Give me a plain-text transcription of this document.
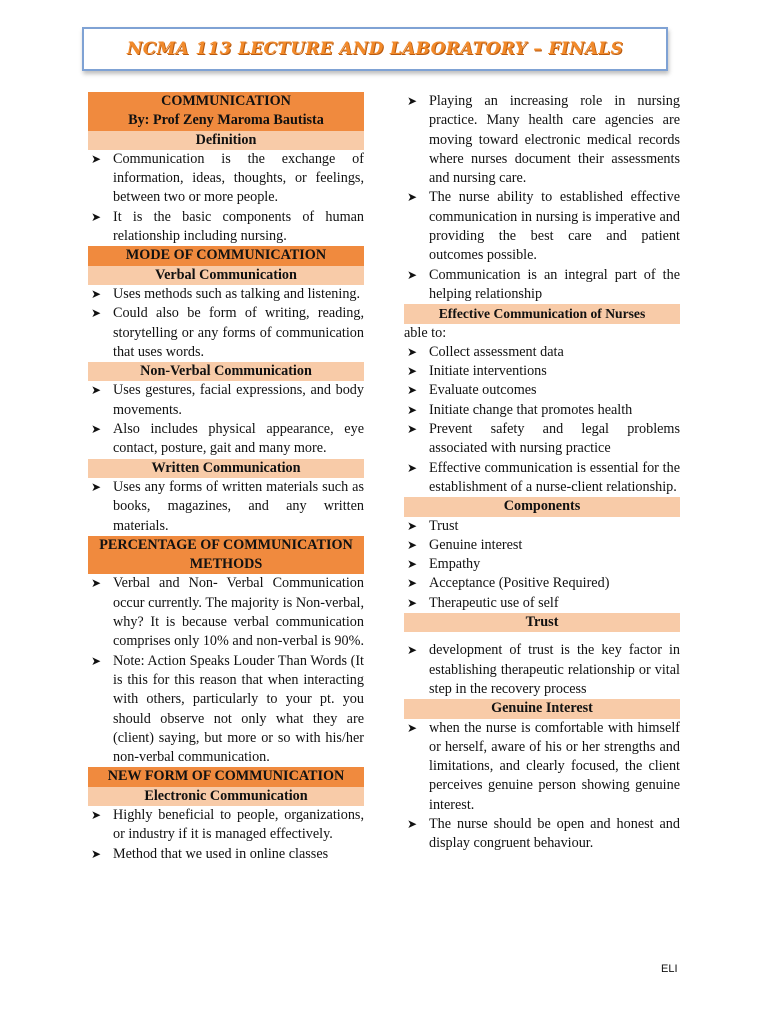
NCMA 113 LECTURE AND LABORATORY – FINALS
COMMUNICATION
By: Prof Zeny Maroma Bautista
Definition
➤ Communication is the exchange of information, ideas, thoughts, or feelings, between two or more people.
➤ It is the basic components of human relationship including nursing.
MODE OF COMMUNICATION
Verbal Communication
➤ Uses methods such as talking and listening.
➤ Could also be form of writing, reading, storytelling or any forms of communication that uses words.
Non-Verbal Communication
➤ Uses gestures, facial expressions, and body movements.
➤ Also includes physical appearance, eye contact, posture, gait and many more.
Written Communication
➤ Uses any forms of written materials such as books, magazines, and any written materials.
PERCENTAGE OF COMMUNICATION METHODS
➤ Verbal and Non- Verbal Communication occur currently. The majority is Non-verbal, why? It is because verbal communication comprises only 10% and non-verbal is 90%.
➤ Note: Action Speaks Louder Than Words (It is this for this reason that when interacting with others, particularly to your pt. you should observe not only what they are (client) saying, but more or so with his/her non-verbal communication.
NEW FORM OF COMMUNICATION
Electronic Communication
➤ Highly beneficial to people, organizations, or industry if it is managed effectively.
➤ Method that we used in online classes
➤ Playing an increasing role in nursing practice. Many health care agencies are moving toward electronic medical records where nurses document their assessments and nursing care.
➤ The nurse ability to established effective communication in nursing is imperative and providing the best care and patient outcomes possible.
➤ Communication is an integral part of the helping relationship
Effective Communication of Nurses
able to:
➤ Collect assessment data
➤ Initiate interventions
➤ Evaluate outcomes
➤ Initiate change that promotes health
➤ Prevent safety and legal problems associated with nursing practice
➤ Effective communication is essential for the establishment of a nurse-client relationship.
Components
➤ Trust
➤ Genuine interest
➤ Empathy
➤ Acceptance (Positive Required)
➤ Therapeutic use of self
Trust
➤ development of trust is the key factor in establishing therapeutic relationship or vital step in the recovery process
Genuine Interest
➤ when the nurse is comfortable with himself or herself, aware of his or her strengths and limitations, and clearly focused, the client perceives genuine person showing genuine interest.
➤ The nurse should be open and honest and display congruent behaviour.
ELI
